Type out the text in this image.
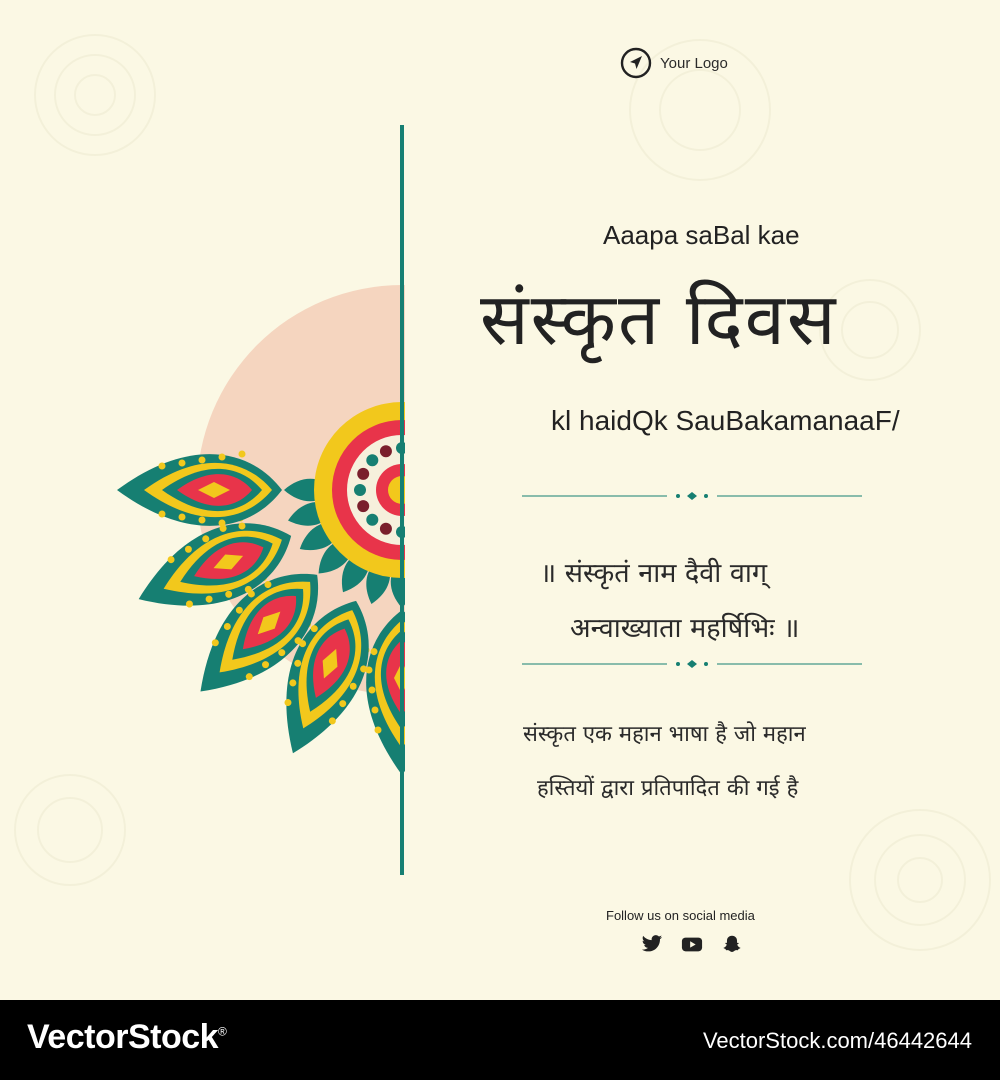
Your Logo
Aaapa saBal kae
संस्कृत दिवस
kl haidQk SauBakamanaaF/
॥ संस्कृतं नाम दैवी वाग्
अन्वाख्याता महर्षिभिः ॥
संस्कृत एक महान भाषा है जो महान
हस्तियों द्वारा प्रतिपादित की गई है
Follow us on social media
VectorStock®	VectorStock.com/46442644
